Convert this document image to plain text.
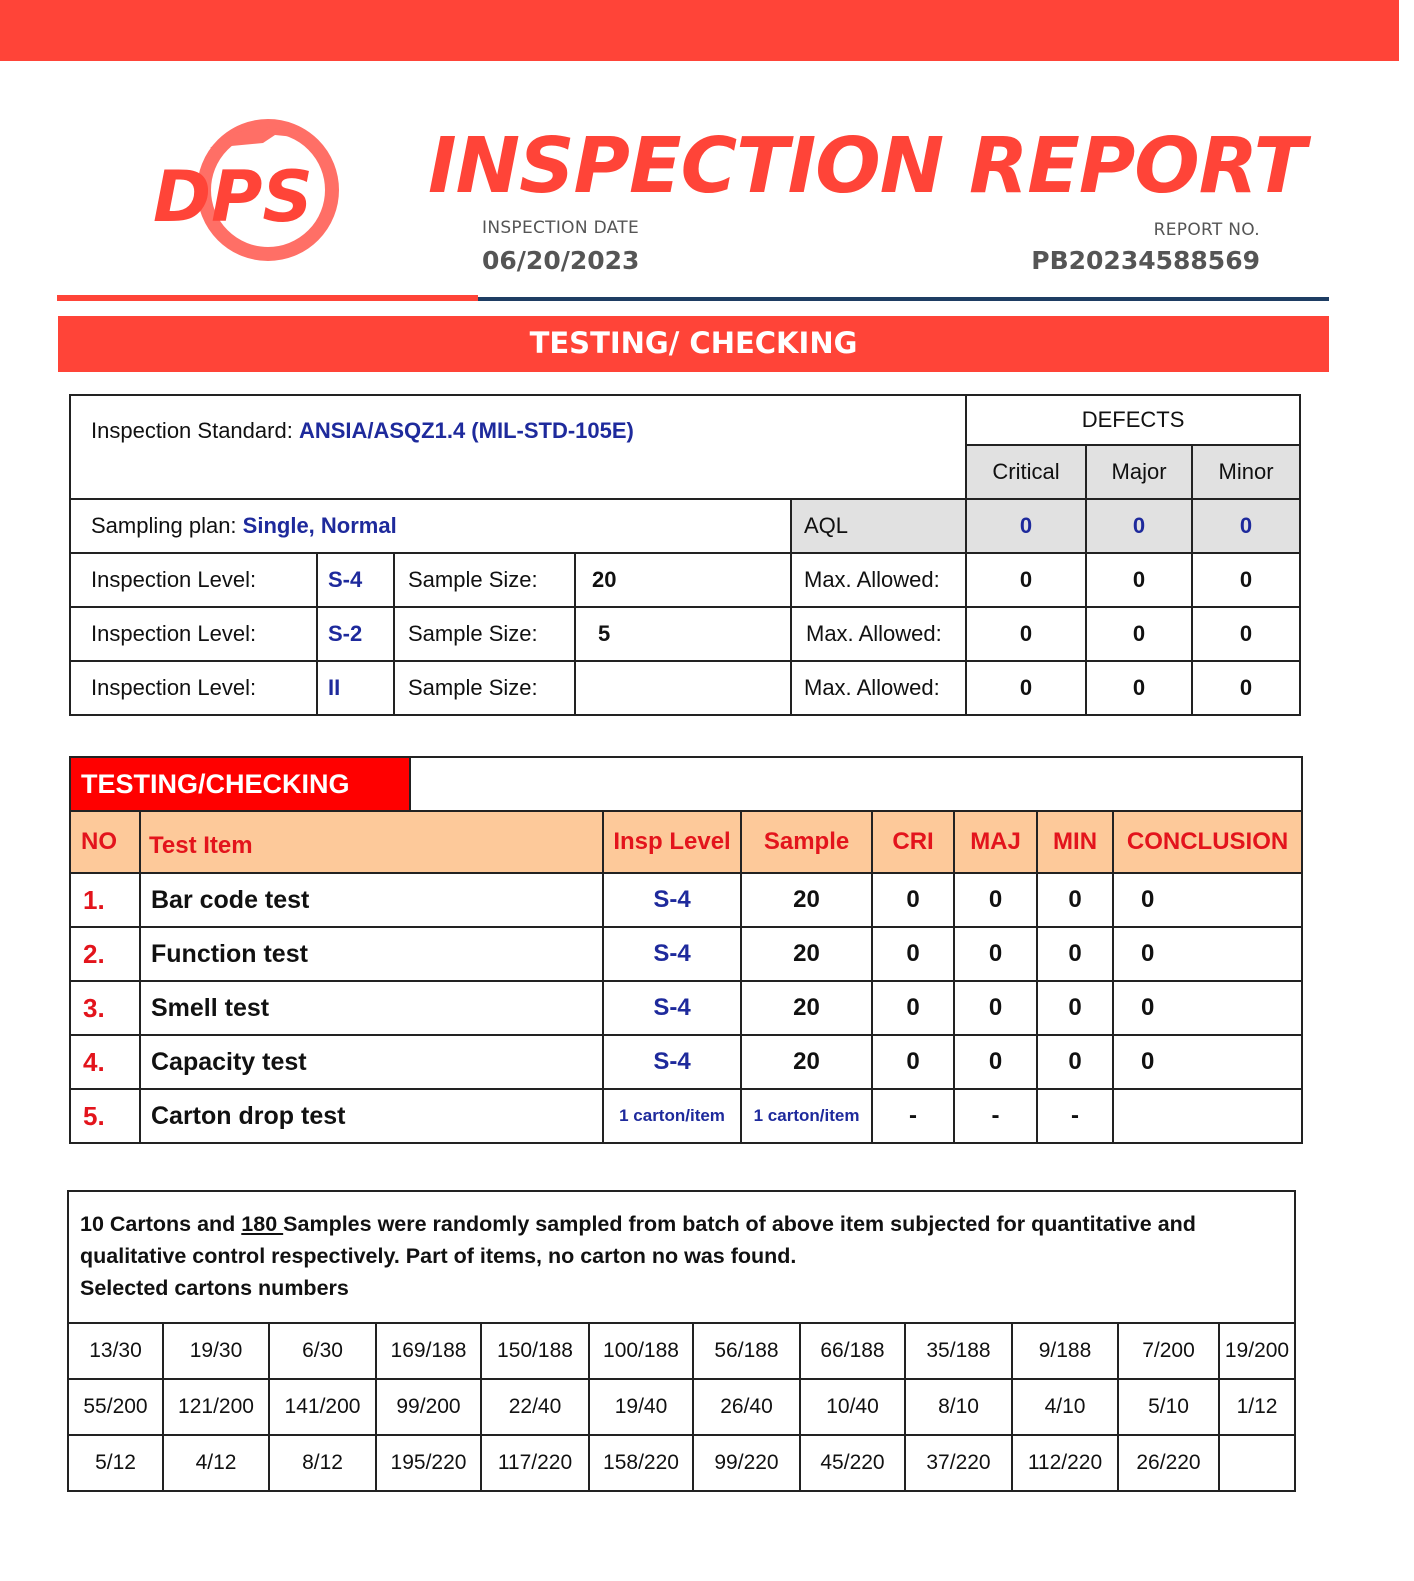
DPS INSPECTION REPORT
INSPECTION DATE
06/20/2023
REPORT NO.
PB20234588569
TESTING/ CHECKING
Inspection Standard: ANSIA/ASQZ1.4 (MIL-STD-105E)					DEFECTS		
					Critical	Major	Minor
Sampling plan: Single, Normal				AQL	0	0	0
Inspection Level:	S-4	Sample Size:	20	Max. Allowed:	0	0	0
Inspection Level:	S-2	Sample Size:	5	Max. Allowed:	0	0	0
Inspection Level:	II	Sample Size:		Max. Allowed:	0	0	0
TESTING/CHECKING							

NO	Test Item	Insp Level	Sample	CRI	MAJ	MIN	CONCLUSION
1.	Bar code test	S-4	20	0	0	0	0
2.	Function test	S-4	20	0	0	0	0
3.	Smell test	S-4	20	0	0	0	0
4.	Capacity test	S-4	20	0	0	0	0
5.	Carton drop test	1 carton/item	1 carton/item	-	-	-	
10 Cartons and 180 Samples were randomly sampled from batch of above item subjected for quantitative and qualitative control respectively. Part of items, no carton no was found.
Selected cartons numbers
13/30	19/30	6/30	169/188	150/188	100/188	56/188	66/188	35/188	9/188	7/200	19/200
55/200	121/200	141/200	99/200	22/40	19/40	26/40	10/40	8/10	4/10	5/10	1/12
5/12	4/12	8/12	195/220	117/220	158/220	99/220	45/220	37/220	112/220	26/220	
